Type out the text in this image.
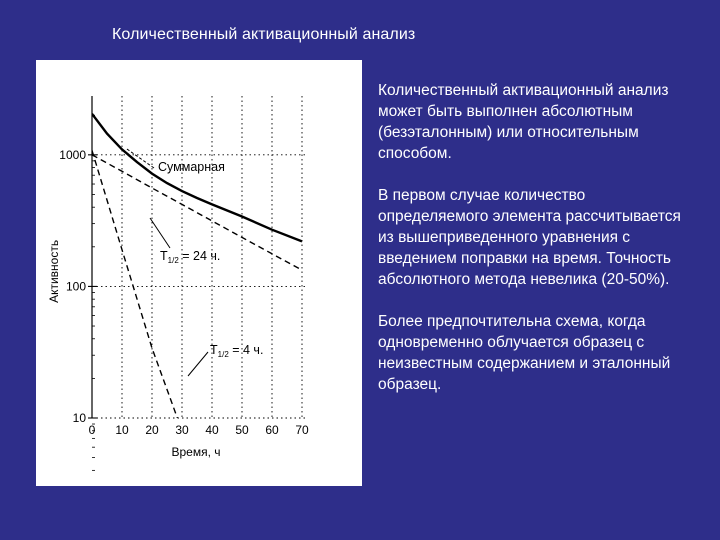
Количественный активационный анализ
10
100
1000
0 10 20 30 40 50 60 70
Время, ч
Активность
Суммарная
$T_{1/2} = 24$ ч.
$T_{1/2} = 4$ ч.

Количественный активационный анализ может быть выполнен абсолютным (безэталонным) или относительным способом.

В первом случае количество определяемого элемента рассчитывается из вышеприведенного уравнения с введением поправки на время. Точность абсолютного метода невелика (20-50%).

Более предпочтительна схема, когда одновременно облучается образец с неизвестным содержанием и эталонный образец.
